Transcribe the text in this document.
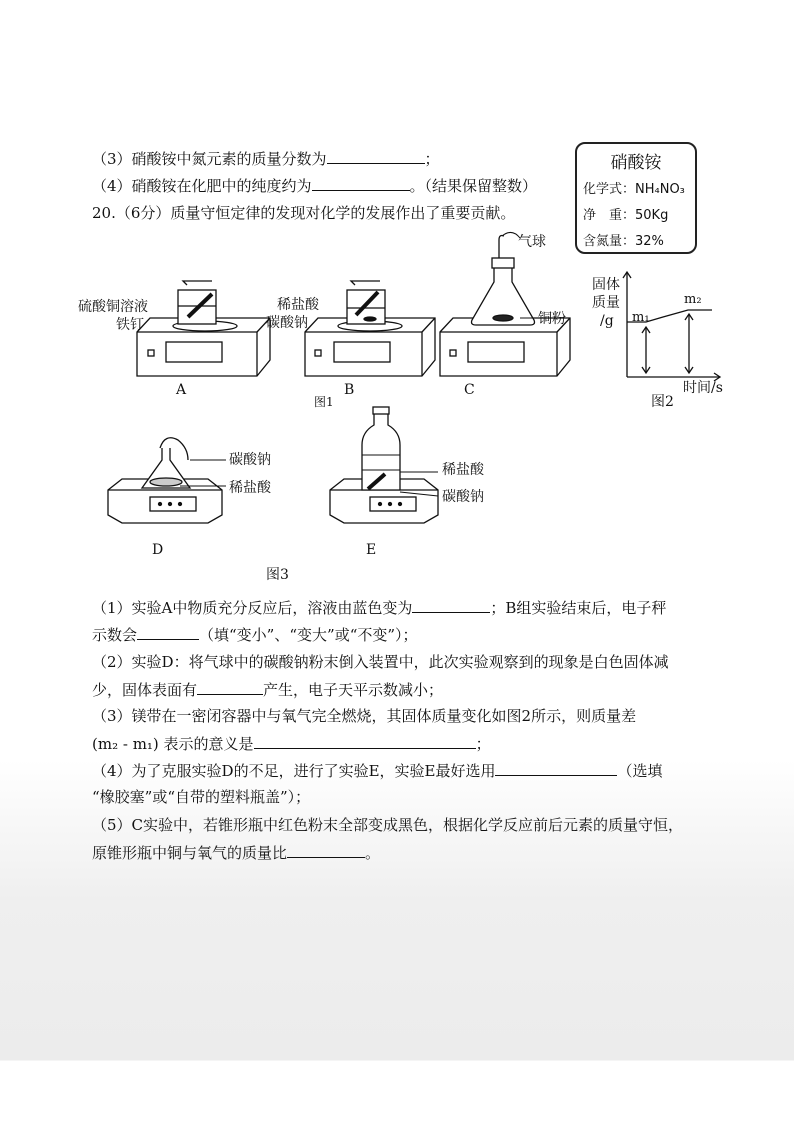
（3）硝酸铵中氮元素的质量分数为	；
（4）硝酸铵在化肥中的纯度约为	。（结果保留整数）
硝酸铵
化学式：NH₄NO₃
净　重：50Kg
含氮量：32%
20.（6分）质量守恒定律的发现对化学的发展作出了重要贡献。
硫酸铜溶液
铁钉
A
稀盐酸
碳酸钠
B
图1
气球
铜粉
C
固体
质量
/g m₁
m₂
时间/s
图2
碳酸钠
稀盐酸
D
稀盐酸
碳酸钠
E
图3
（1）实验A中物质充分反应后，溶液由蓝色变为	；B组实验结束后，电子秤
示数会	（填“变小”、“变大”或“不变”）；
（2）实验D：将气球中的碳酸钠粉末倒入装置中，此次实验观察到的现象是白色固体减
少，固体表面有	产生，电子天平示数减小；
（3）镁带在一密闭容器中与氧气完全燃烧，其固体质量变化如图2所示，则质量差
(m₂ - m₁) 表示的意义是	；
（4）为了克服实验D的不足，进行了实验E，实验E最好选用	（选填
“橡胶塞”或“自带的塑料瓶盖”）；
（5）C实验中，若锥形瓶中红色粉末全部变成黑色，根据化学反应前后元素的质量守恒，
原锥形瓶中铜与氧气的质量比	。
